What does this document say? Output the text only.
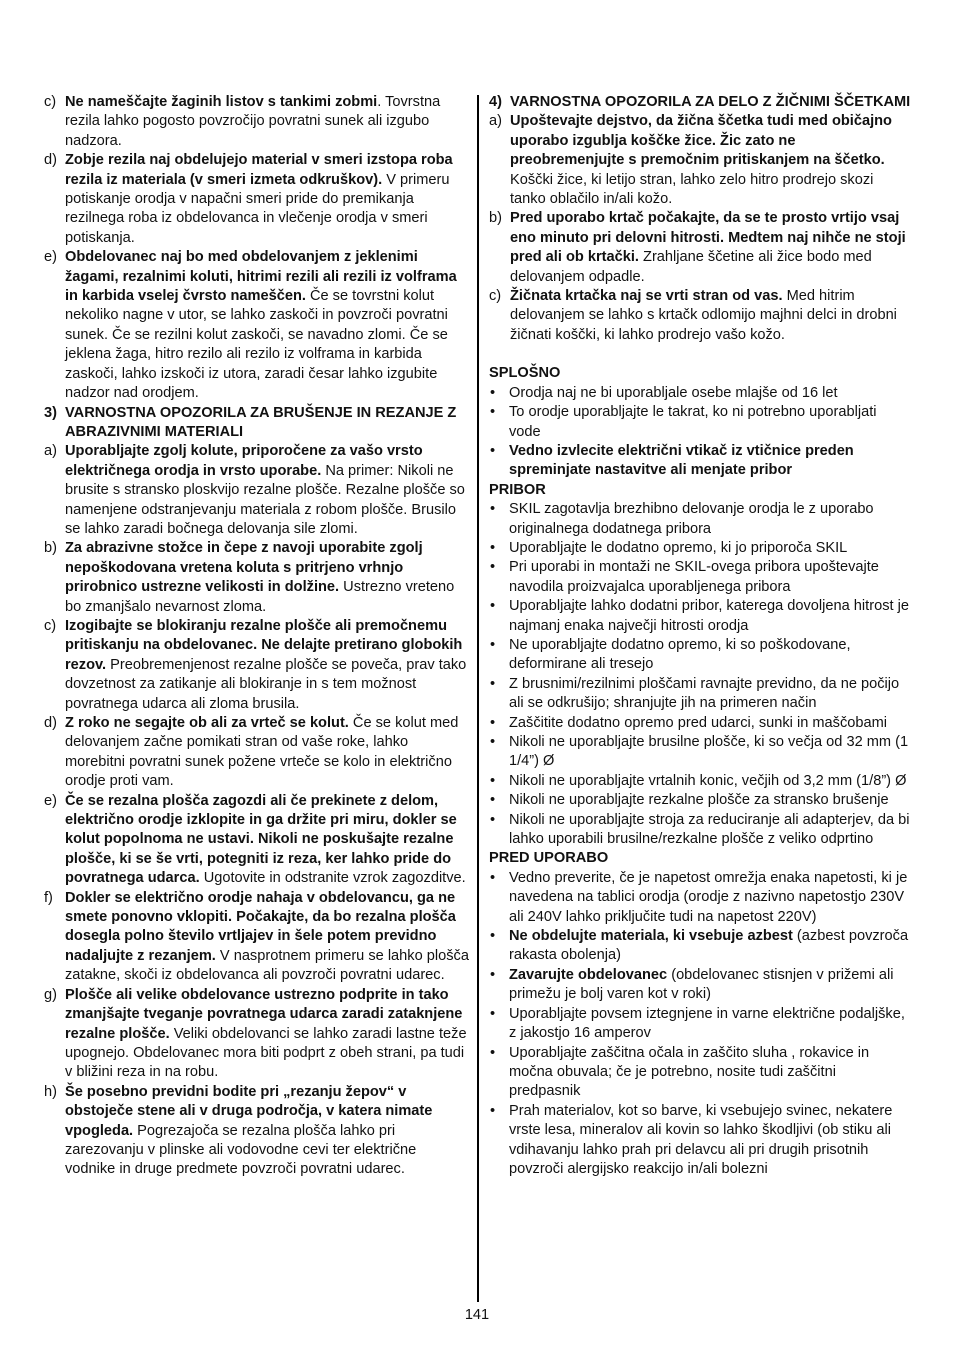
c) Ne nameščajte žaginih listov s tankimi zobmi. Tovrstna rezila lahko pogosto povzročijo povratni sunek ali izgubo nadzora.
d) Zobje rezila naj obdelujejo material v smeri izstopa roba rezila iz materiala (v smeri izmeta odkruškov). V primeru potiskanje orodja v napačni smeri pride do premikanja rezilnega roba iz obdelovanca in vlečenje orodja v smeri potiskanja.
e) Obdelovanec naj bo med obdelovanjem z jeklenimi žagami, rezalnimi koluti, hitrimi rezili ali rezili iz volframa in karbida vselej čvrsto nameščen. Če se tovrstni kolut nekoliko nagne v utor, se lahko zaskoči in povzroči povratni sunek. Če se rezilni kolut zaskoči, se navadno zlomi. Če se jeklena žaga, hitro rezilo ali rezilo iz volframa in karbida zaskoči, lahko izskoči iz utora, zaradi česar lahko izgubite nadzor nad orodjem.
3) VARNOSTNA OPOZORILA ZA BRUŠENJE IN REZANJE Z ABRAZIVNIMI MATERIALI
a) Uporabljajte zgolj kolute, priporočene za vašo vrsto električnega orodja in vrsto uporabe. Na primer: Nikoli ne brusite s stransko ploskvijo rezalne plošče. Rezalne plošče so namenjene odstranjevanju materiala z robom plošče. Brusilo se lahko zaradi bočnega delovanja sile zlomi.
b) Za abrazivne stožce in čepe z navoji uporabite zgolj nepoškodovana vretena koluta s pritrjeno vrhnjo prirobnico ustrezne velikosti in dolžine. Ustrezno vreteno bo zmanjšalo nevarnost zloma.
c) Izogibajte se blokiranju rezalne plošče ali premočnemu pritiskanju na obdelovanec. Ne delajte pretirano globokih rezov. Preobremenjenost rezalne plošče se poveča, prav tako dovzetnost za zatikanje ali blokiranje in s tem možnost povratnega udarca ali zloma brusila.
d) Z roko ne segajte ob ali za vrteč se kolut. Če se kolut med delovanjem začne pomikati stran od vaše roke, lahko morebitni povratni sunek požene vrteče se kolo in električno orodje proti vam.
e) Če se rezalna plošča zagozdi ali če prekinete z delom, električno orodje izklopite in ga držite pri miru, dokler se kolut popolnoma ne ustavi. Nikoli ne poskušajte rezalne plošče, ki se še vrti, potegniti iz reza, ker lahko pride do povratnega udarca. Ugotovite in odstranite vzrok zagozditve.
f) Dokler se električno orodje nahaja v obdelovancu, ga ne smete ponovno vklopiti. Počakajte, da bo rezalna plošča dosegla polno število vrtljajev in šele potem previdno nadaljujte z rezanjem. V nasprotnem primeru se lahko plošča zatakne, skoči iz obdelovanca ali povzroči povratni udarec.
g) Plošče ali velike obdelovance ustrezno podprite in tako zmanjšajte tveganje povratnega udarca zaradi zataknjene rezalne plošče. Veliki obdelovanci se lahko zaradi lastne teže upognejo. Obdelovanec mora biti podprt z obeh strani, pa tudi v bližini reza in na robu.
h) Še posebno previdni bodite pri „rezanju žepov“ v obstoječe stene ali v druga področja, v katera nimate vpogleda. Pogrezajoča se rezalna plošča lahko pri zarezovanju v plinske ali vodovodne cevi ter električne vodnike in druge predmete povzroči povratni udarec.
4) VARNOSTNA OPOZORILA ZA DELO Z ŽIČNIMI ŠČETKAMI
a) Upoštevajte dejstvo, da žična ščetka tudi med običajno uporabo izgublja koščke žice. Žic zato ne preobremenjujte s premočnim pritiskanjem na ščetko. Koščki žice, ki letijo stran, lahko zelo hitro prodrejo skozi tanko oblačilo in/ali kožo.
b) Pred uporabo krtač počakajte, da se te prosto vrtijo vsaj eno minuto pri delovni hitrosti. Medtem naj nihče ne stoji pred ali ob krtački. Zrahljane ščetine ali žice bodo med delovanjem odpadle.
c) Žičnata krtačka naj se vrti stran od vas. Med hitrim delovanjem se lahko s krtačk odlomijo majhni delci in drobni žičnati koščki, ki lahko prodrejo vašo kožo.
SPLOŠNO
• Orodja naj ne bi uporabljale osebe mlajše od 16 let
• To orodje uporabljajte le takrat, ko ni potrebno uporabljati vode
• Vedno izvlecite električni vtikač iz vtičnice preden spreminjate nastavitve ali menjate pribor
PRIBOR
• SKIL zagotavlja brezhibno delovanje orodja le z uporabo originalnega dodatnega pribora
• Uporabljajte le dodatno opremo, ki jo priporoča SKIL
• Pri uporabi in montaži ne SKIL-ovega pribora upoštevajte navodila proizvajalca uporabljenega pribora
• Uporabljajte lahko dodatni pribor, katerega dovoljena hitrost je najmanj enaka največji hitrosti orodja
• Ne uporabljajte dodatno opremo, ki so poškodovane, deformirane ali tresejo
• Z brusnimi/rezilnimi ploščami ravnajte previdno, da ne počijo ali se odkrušijo; shranjujte jih na primeren način
• Zaščitite dodatno opremo pred udarci, sunki in maščobami
• Nikoli ne uporabljajte brusilne plošče, ki so večja od 32 mm (1 1/4”) Ø
• Nikoli ne uporabljajte vrtalnih konic, večjih od 3,2 mm (1/8”) Ø
• Nikoli ne uporabljajte rezkalne plošče za stransko brušenje
• Nikoli ne uporabljajte stroja za reduciranje ali adapterjev, da bi lahko uporabili brusilne/rezkalne plošče z veliko odprtino
PRED UPORABO
• Vedno preverite, če je napetost omrežja enaka napetosti, ki je navedena na tablici orodja (orodje z nazivno napetostjo 230V ali 240V lahko priključite tudi na napetost 220V)
• Ne obdelujte materiala, ki vsebuje azbest (azbest povzroča rakasta obolenja)
• Zavarujte obdelovanec (obdelovanec stisnjen v prižemi ali primežu je bolj varen kot v roki)
• Uporabljajte povsem iztegnjene in varne električne podaljške, z jakostjo 16 amperov
• Uporabljajte zaščitna očala in zaščito sluha , rokavice in močna obuvala; če je potrebno, nosite tudi zaščitni predpasnik
• Prah materialov, kot so barve, ki vsebujejo svinec, nekatere vrste lesa, mineralov ali kovin so lahko škodljivi (ob stiku ali vdihavanju lahko prah pri delavcu ali pri drugih prisotnih povzroči alergijsko reakcijo in/ali bolezni
141
